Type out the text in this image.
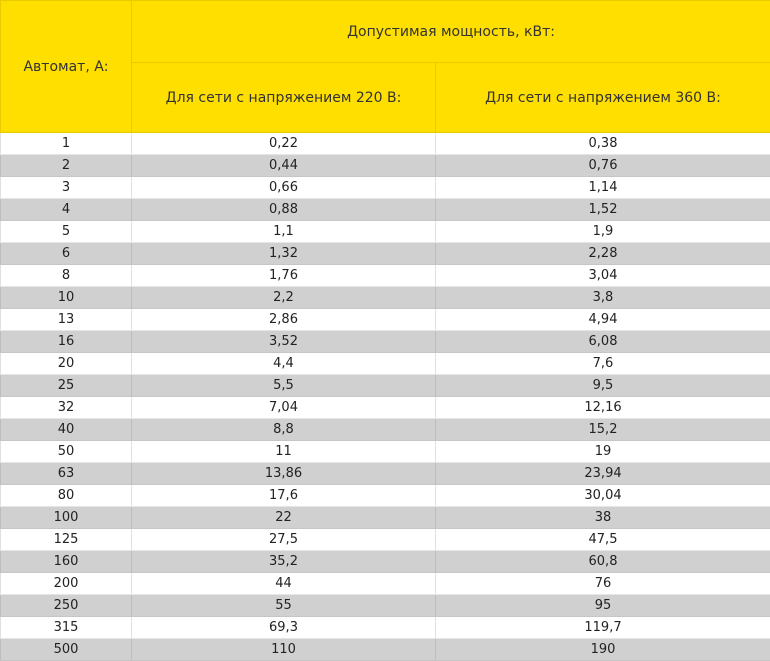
Автомат, А:	Допустимая мощность, кВт:	
	Для сети с напряжением 220 В:	Для сети с напряжением 360 В:
1	0,22	0,38
2	0,44	0,76
3	0,66	1,14
4	0,88	1,52
5	1,1	1,9
6	1,32	2,28
8	1,76	3,04
10	2,2	3,8
13	2,86	4,94
16	3,52	6,08
20	4,4	7,6
25	5,5	9,5
32	7,04	12,16
40	8,8	15,2
50	11	19
63	13,86	23,94
80	17,6	30,04
100	22	38
125	27,5	47,5
160	35,2	60,8
200	44	76
250	55	95
315	69,3	119,7
500	110	190
